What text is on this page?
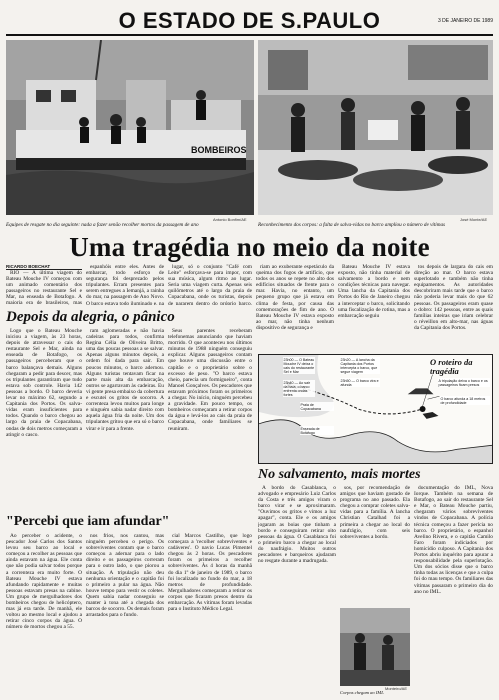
O ESTADO DE S.PAULO	3 DE JANEIRO DE 1989
BOMBEIROS
Antonio Bonfim/AE	José Monte/AE
Equipes de resgate no dia seguinte: nada a fazer senão recolher mortos da passagem de ano	Reconhecimento dos corpos: a falta de salva-vidas no barco ampliou o número de vítimas
Uma tragédia no meio da noite
RICARDO BOECHAT

RIO — A última viagem do Bateau Mouche IV começou com um animado comentário dos passageiros no restaurante Sel e Mar, na enseada de Botafogo. A maioria era de brasileiros, mas

espanhóis entre eles. Antes de embarcar, todo esforço de segurança foi desprezado pelos tripulantes. Erram presentes para serem entregues a Iemanjá, a rainha do mar, na passagem de Ano Novo. O barco estava todo iluminado e, na

lugar, só o conjunto "Café com Leite" esforçava-se para impor, com sua música, algum ritmo ao lugar. Seria uma viagem curta. Apenas seis quilômetros até o largo da praia de Copacabana, onde os turistas, depois de pararem dentro do próprio barco,

riam ao exuberante espetáculo da queima dos fogos de artifício, que todos os anos se repete no alto dos edifícios situados de frente para o mar. Havia, no entanto, um pequeno grupo que já estava em clima de festa, por causa das comemorações de fim de ano. O Bateau Mouche IV estava exposto ao mar, não tinha nenhum dispositivo de segurança e

Bateau Mouche IV estava exposto, não tinha material de salvamento a bordo e nem condições técnicas para navegar. Uma lancha da Capitania dos Portos do Rio de Janeiro chegou a interceptar o barco, solicitando uma fiscalização de rotina, mas a embarcação seguiu

tos depois de largara do cais em direção ao mar. O barco estava superlotado e também não tinha equipamentos. As autoridades descobriram mais tarde que o barco não poderia levar mais do que 62 pessoas. Os passageiros eram quase o dobro: 142 pessoas, entre as quais famílias inteiras que iriam celebrar o réveillon em alto-mar, nas águas da Capitania dos Portos.

Depois da alegria, o pânico

Logo que o Bateau Mouche iniciou a viagem, às 23 horas, depois de atravessar o cais do restaurante Sel e Mar, ainda na enseada de Botafogo, os passageiros perceberam que o barco balançava demais. Alguns chegaram a pedir para descer, mas os tripulantes garantiram que tudo estava sob controle. Havia 142 pessoas a bordo. O barco deveria levar no máximo 62, segundo a Capitania dos Portos. Os salva-vidas eram insuficientes para todos. Quando o barco chegou ao largo da praia de Copacabana, ondas de dois metros começaram a atingir o casco.

ram aglomeradas e não havia cadeiras para todos, confirma Regina Célia de Oliveira Britto, uma das poucas pessoas a se salvar. Apenas alguns minutos depois, a ordem foi dada para sair. Em poucos minutos, o barco adernou. Alguns turistas tentavam ficar na parte mais alta da embarcação, outros se agarravam às cadeiras. Eu vi gente presa embaixo da cobertura e escutei os gritos de socorro. A correnteza levou muitos para longe e ninguém sabia nadar direito com aquela água fria da noite. Um dos tripulantes gritou que era só o barco virar e ir para a frente.

Seus parentes receberam telefonemas anunciando que haviam morrido. O que aconteceu nos últimos minutos de 1988 ninguém conseguiu explicar. Alguns passageiros contam que houve uma discussão entre o capitão e o proprietário sobre o excesso de peso. "O barco estava cheio, parecia um formigueiro", conta Manoel Gonçalves. Os pescadores que estavam próximos foram os primeiros a chegar. No início, ninguém percebeu a gravidade. Em pouco tempo, os bombeiros começaram a retirar corpos da água e levá-los ao cais da praia de Copacabana, onde familiares se reuniram.

"Percebi que iam afundar"

Ao perceber o acidente, o pescador José Carlos dos Santos levou seu barco ao local e começou a recolher as pessoas que ainda estavam na água. Ele conta que não podia salvar todos porque a correnteza era muito forte. O Bateau Mouche IV estava afundando rapidamente e muitas pessoas estavam presas na cabine. Um grupo de mergulhadores dos bombeiros chegou de helicóptero, mas já era tarde. De manhã, ele voltou ao mesmo local e ajudou a retirar cinco corpos da água. O número de mortos chegou a 55.

nos frios, nos cantou, mas ninguém percebeu o perigo. Os sobreviventes contam que o barco começou a adernar para o lado direito e os passageiros correram para o outro lado, o que piorou a situação. A tripulação não deu nenhuma orientação e o capitão foi o primeiro a pular na água. Não houve tempo para vestir os coletes. Quem sabia nadar conseguiu se manter à tona até a chegada dos barcos de socorro. Os demais foram arrastados para o fundo.

cial Marcos Castilho, que logo começara a 'recolher sobreviventes e cadáveres'. O navio Lucas Pimentel chegou às 2 horas. Os pescadores foram os primeiros a recolher sobreviventes. Às 4 horas da manhã do dia 1º de janeiro de 1989, o barco foi localizado no fundo do mar, a 18 metros de profundidade. Mergulhadores começaram a retirar os corpos que ficaram presos dentro da embarcação. As vítimas foram levadas para o Instituto Médico Legal.

O roteiro da tragédia
23h00 — O Bateau Mouche IV deixa o cais do restaurante Sel e Mar
23h20 — A lancha da Capitania dos Portos intercepta o barco, que segue viagem
23h40 — Ao sair da baía, o barco enfrenta ondas fortes
23h50 — O barco vira e afunda
Praia de Copacabana
A tripulação deixa o barco e os passageiros ficam presos
O barco afunda a 18 metros de profundidade
Enseada de Botafogo
No salvamento, mais mortes

A bordo do Casablanca, o advogado e empresário Luiz Carlos da Costa e três amigos viram o barco virar e se aproximaram. "Ouvimos os gritos e vimos a luz apagar", conta. Ele e os amigos jogaram as boias que tinham a bordo e conseguiram retirar oito pessoas da água. O Casablanca foi o primeiro barco a chegar ao local do naufrágio. Muitos outros pescadores e barqueiros ajudaram no resgate durante a madrugada.

sos, por recomendação de amigos que haviam gostado de programa no ano passado. Ela chegou a comprar coletes salva-vidas para a família. A lancha Christian Catalhad foi a primeira a chegar ao local do naufrágio, com seis sobreviventes a bordo.

documentação do IML, Nova Iorque. Também na semana de Botafogo, ao sair do restaurante Sel e Mar, o Bateau Mouche partiu, chegaram vários sobreviventes vindos de Copacabana. A polícia técnica começou a fazer perícia no barco. O proprietário, o espanhol Avelino Rivera, e o capitão Camilo Faro foram indiciados por homicídio culposo. A Capitania dos Portos abriu inquérito para apurar a responsabilidade pela superlotação. Um dos sócios disse que o barco tinha todas as licenças e que a culpa foi do mau tempo. Os familiares das vítimas passaram o primeiro dia do ano no IML.

Monteiro/AE
Corpos chegam ao IML
